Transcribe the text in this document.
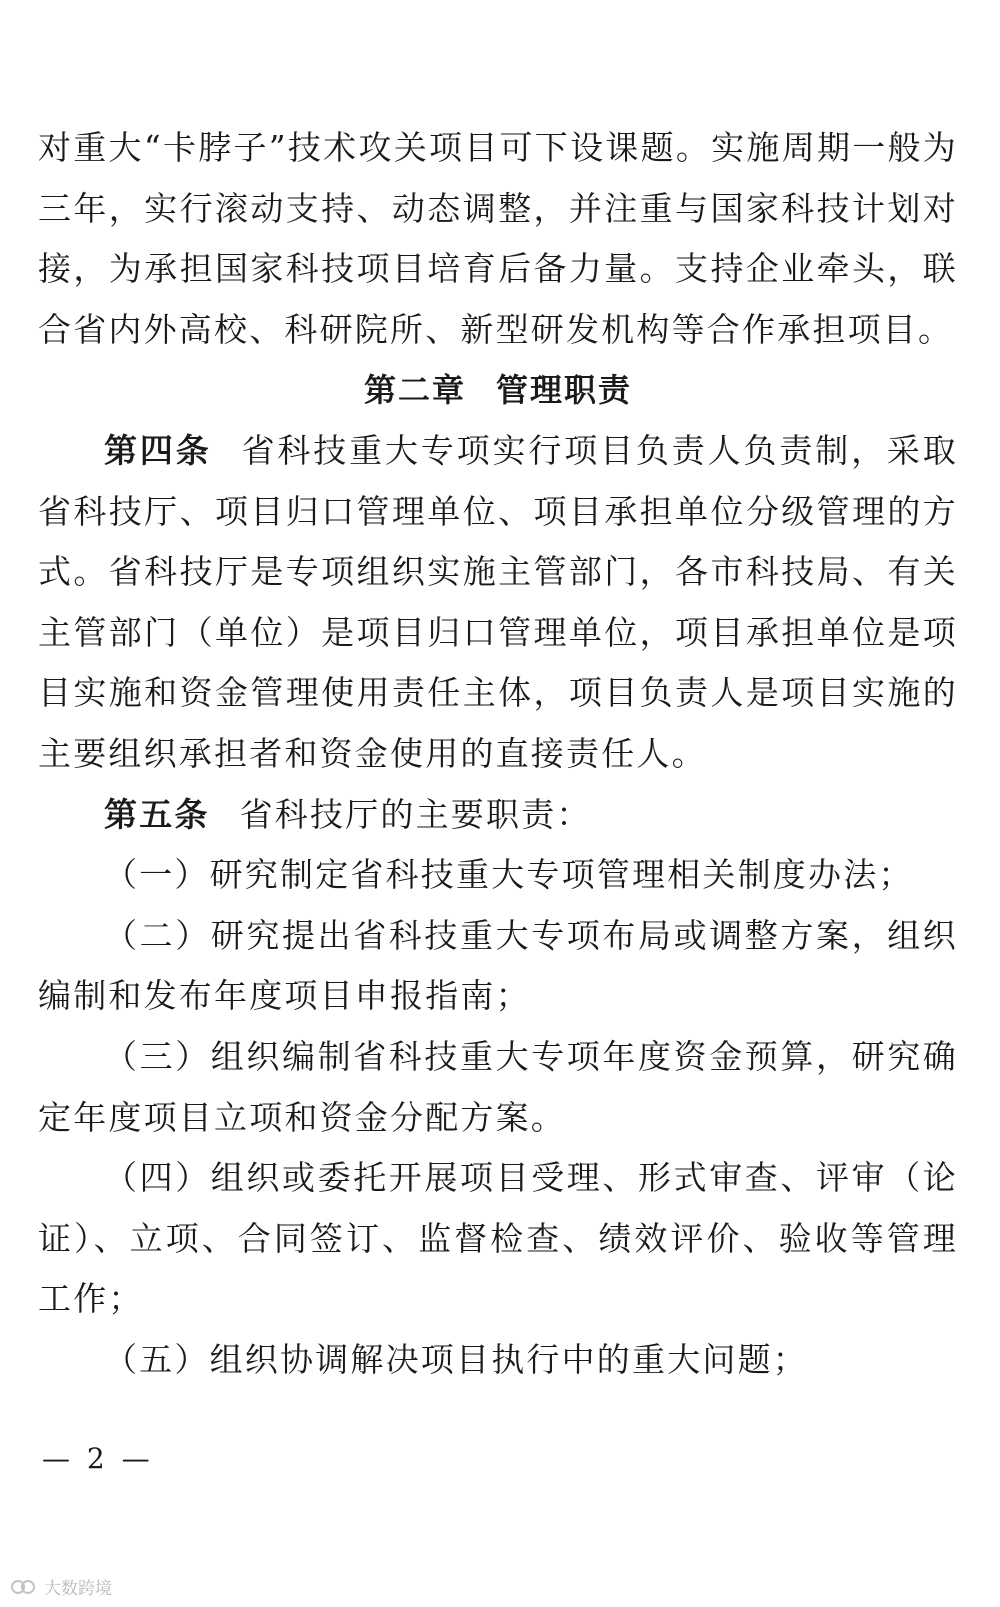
对重大“卡脖子”技术攻关项目可下设课题。实施周期一般为三年，实行滚动支持、动态调整，并注重与国家科技计划对接，为承担国家科技项目培育后备力量。支持企业牵头，联合省内外高校、科研院所、新型研发机构等合作承担项目。

第二章 管理职责

第四条 省科技重大专项实行项目负责人负责制，采取省科技厅、项目归口管理单位、项目承担单位分级管理的方式。省科技厅是专项组织实施主管部门，各市科技局、有关主管部门（单位）是项目归口管理单位，项目承担单位是项目实施和资金管理使用责任主体，项目负责人是项目实施的主要组织承担者和资金使用的直接责任人。

第五条 省科技厅的主要职责：

（一）研究制定省科技重大专项管理相关制度办法；

（二）研究提出省科技重大专项布局或调整方案，组织编制和发布年度项目申报指南；

（三）组织编制省科技重大专项年度资金预算，研究确定年度项目立项和资金分配方案。

（四）组织或委托开展项目受理、形式审查、评审（论证）、立项、合同签订、监督检查、绩效评价、验收等管理工作；

（五）组织协调解决项目执行中的重大问题；

— 2 —
大数跨境
